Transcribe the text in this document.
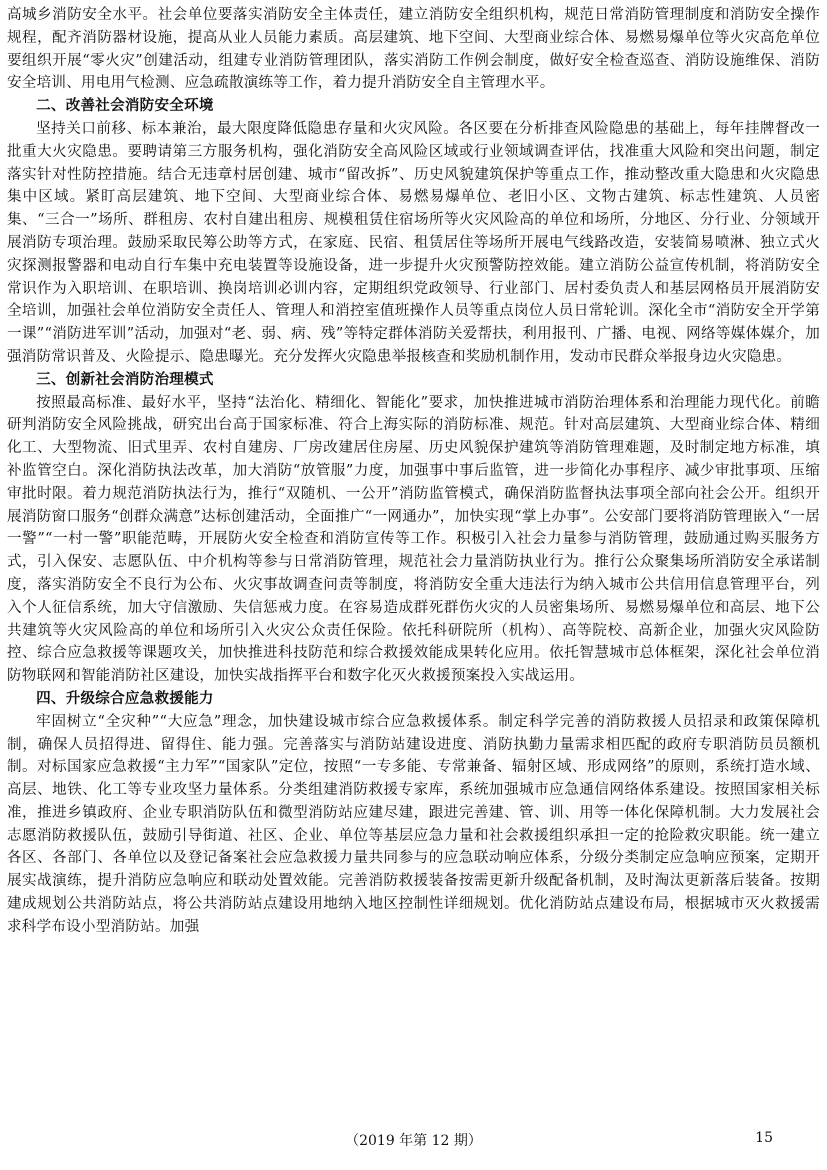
高城乡消防安全水平。社会单位要落实消防安全主体责任，建立消防安全组织机构，规范日常消防管理制度和消防安全操作规程，配齐消防器材设施，提高从业人员能力素质。高层建筑、地下空间、大型商业综合体、易燃易爆单位等火灾高危单位要组织开展“零火灾”创建活动，组建专业消防管理团队，落实消防工作例会制度，做好安全检查巡查、消防设施维保、消防安全培训、用电用气检测、应急疏散演练等工作，着力提升消防安全自主管理水平。

二、改善社会消防安全环境

坚持关口前移、标本兼治，最大限度降低隐患存量和火灾风险。各区要在分析排查风险隐患的基础上，每年挂牌督改一批重大火灾隐患。要聘请第三方服务机构，强化消防安全高风险区域或行业领域调查评估，找准重大风险和突出问题，制定落实针对性防控措施。结合无违章村居创建、城市“留改拆”、历史风貌建筑保护等重点工作，推动整改重大隐患和火灾隐患集中区域。紧盯高层建筑、地下空间、大型商业综合体、易燃易爆单位、老旧小区、文物古建筑、标志性建筑、人员密集、“三合一”场所、群租房、农村自建出租房、规模租赁住宿场所等火灾风险高的单位和场所，分地区、分行业、分领域开展消防专项治理。鼓励采取民筹公助等方式，在家庭、民宿、租赁居住等场所开展电气线路改造，安装简易喷淋、独立式火灾探测报警器和电动自行车集中充电装置等设施设备，进一步提升火灾预警防控效能。建立消防公益宣传机制，将消防安全常识作为入职培训、在职培训、换岗培训必训内容，定期组织党政领导、行业部门、居村委负责人和基层网格员开展消防安全培训，加强社会单位消防安全责任人、管理人和消控室值班操作人员等重点岗位人员日常轮训。深化全市“消防安全开学第一课”“消防进军训”活动，加强对“老、弱、病、残”等特定群体消防关爱帮扶，利用报刊、广播、电视、网络等媒体媒介，加强消防常识普及、火险提示、隐患曝光。充分发挥火灾隐患举报核查和奖励机制作用，发动市民群众举报身边火灾隐患。

三、创新社会消防治理模式

按照最高标准、最好水平，坚持“法治化、精细化、智能化”要求，加快推进城市消防治理体系和治理能力现代化。前瞻研判消防安全风险挑战，研究出台高于国家标准、符合上海实际的消防标准、规范。针对高层建筑、大型商业综合体、精细化工、大型物流、旧式里弄、农村自建房、厂房改建居住房屋、历史风貌保护建筑等消防管理难题，及时制定地方标准，填补监管空白。深化消防执法改革，加大消防“放管服”力度，加强事中事后监管，进一步简化办事程序、减少审批事项、压缩审批时限。着力规范消防执法行为，推行“双随机、一公开”消防监管模式，确保消防监督执法事项全部向社会公开。组织开展消防窗口服务“创群众满意”达标创建活动，全面推广“一网通办”，加快实现“掌上办事”。公安部门要将消防管理嵌入“一居一警”“一村一警”职能范畴，开展防火安全检查和消防宣传等工作。积极引入社会力量参与消防管理，鼓励通过购买服务方式，引入保安、志愿队伍、中介机构等参与日常消防管理，规范社会力量消防执业行为。推行公众聚集场所消防安全承诺制度，落实消防安全不良行为公布、火灾事故调查问责等制度，将消防安全重大违法行为纳入城市公共信用信息管理平台，列入个人征信系统，加大守信激励、失信惩戒力度。在容易造成群死群伤火灾的人员密集场所、易燃易爆单位和高层、地下公共建筑等火灾风险高的单位和场所引入火灾公众责任保险。依托科研院所（机构）、高等院校、高新企业，加强火灾风险防控、综合应急救援等课题攻关，加快推进科技防范和综合救援效能成果转化应用。依托智慧城市总体框架，深化社会单位消防物联网和智能消防社区建设，加快实战指挥平台和数字化灭火救援预案投入实战运用。

四、升级综合应急救援能力

牢固树立“全灾种”“大应急”理念，加快建设城市综合应急救援体系。制定科学完善的消防救援人员招录和政策保障机制，确保人员招得进、留得住、能力强。完善落实与消防站建设进度、消防执勤力量需求相匹配的政府专职消防员员额机制。对标国家应急救援“主力军”“国家队”定位，按照“一专多能、专常兼备、辐射区域、形成网络”的原则，系统打造水域、高层、地铁、化工等专业攻坚力量体系。分类组建消防救援专家库，系统加强城市应急通信网络体系建设。按照国家相关标准，推进乡镇政府、企业专职消防队伍和微型消防站应建尽建，跟进完善建、管、训、用等一体化保障机制。大力发展社会志愿消防救援队伍，鼓励引导街道、社区、企业、单位等基层应急力量和社会救援组织承担一定的抢险救灾职能。统一建立各区、各部门、各单位以及登记备案社会应急救援力量共同参与的应急联动响应体系，分级分类制定应急响应预案，定期开展实战演练，提升消防应急响应和联动处置效能。完善消防救援装备按需更新升级配备机制，及时淘汰更新落后装备。按期建成规划公共消防站点，将公共消防站点建设用地纳入地区控制性详细规划。优化消防站点建设布局，根据城市灭火救援需求科学布设小型消防站。加强

（2019 年第 12 期）	15
